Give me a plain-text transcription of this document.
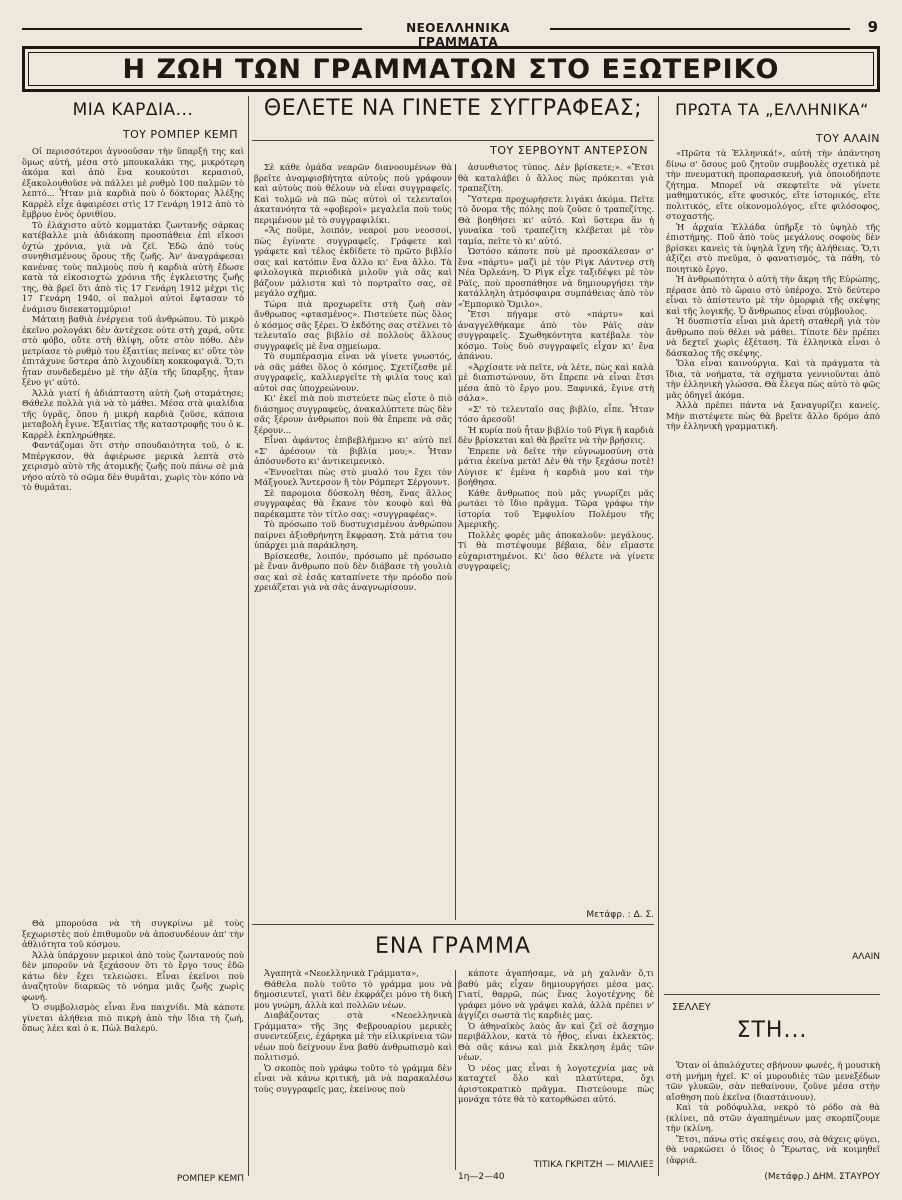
ΝΕΟΕΛΛΗΝΙΚΑ ΓΡΑΜΜΑΤΑ
9
Η ΖΩΗ ΤΩΝ ΓΡΑΜΜΑΤΩΝ ΣΤΟ ΕΞΩΤΕΡΙΚΟ
ΜΙΑ ΚΑΡΔΙΑ...
ΤΟΥ ΡΟΜΠΕΡ ΚΕΜΠ

Οἱ περισσότεροι ἀγνοοῦσαν τὴν ὕπαρξή της καὶ ὅμως αὐτή, μέσα στὸ μπουκαλάκι της, μικρότερη ἀκόμα καὶ ἀπὸ ἕνα κουκούτσι κερασιοῦ, ἐξακολουθοῦσε νὰ πάλλει μὲ ρυθμὸ 100 παλμῶν τὸ λεπτό... Ἦταν μιὰ καρδιὰ ποὺ ὁ δόκτορας Ἀλέξης Καρρὲλ εἶχε ἀφαιρέσει στὶς 17 Γενάρη 1912 ἀπὸ τὸ ἔμβρυο ἑνὸς ὀρνιθίου.

Τὸ ἐλάχιστο αὐτὸ κομματάκι ζωντανῆς σάρκας κατέβαλλε μιὰ ἀδιάκοπη προσπάθεια ἐπὶ εἴκοσι ὀχτὼ χρόνια, γιὰ νὰ ζεῖ. Ἐδῶ ἀπὸ τοὺς συνηθισμένους ὅρους τῆς ζωῆς. Ἀν' ἀναγράφεσαι κανένας τοὺς παλμοὺς ποὺ ἡ καρδιὰ αὐτὴ ἔδωσε κατὰ τὰ εἰκοσιοχτὼ χρόνια τῆς ἐγκλειστης ζωῆς της, θὰ βρεῖ ὅτι ἀπὸ τὶς 17 Γενάρη 1912 μέχρι τὶς 17 Γενάρη 1940, οἱ παλμοὶ αὐτοὶ ἔφτασαν τὸ ἐνάμισυ δισεκατομμύριο!

Μάταιη βαθιὰ ἐνέργεια τοῦ ἀνθρώπου. Τὸ μικρὸ ἐκεῖνο ρολογάκι δὲν ἀντέχεσε ούτε στὴ χαρά, οὔτε στὸ φόβο, οὔτε στὴ θλίψη, οὔτε στὸν πόθο. Δὲν μετρίασε τὸ ρυθμὸ του ἐξαιτίας πείνας κι' οὔτε τὸν ἐπιτάχυνε ὕστερα ἀπὸ λιχουδίκη κοκκοφαγιᾶ. Ὅ,τι ἦταν συνδεδεμένο μὲ τὴν ἀξία τῆς ὕπαρξης, ἦταν ξένο γι' αὐτό.

Ἀλλὰ γιατί ἡ ἀδιάπταστη αὐτὴ ζωὴ σταμάτησε; Θάθελε πολλὰ γιὰ νὰ τὸ μάθει. Μέσα στὰ φιαλίδια τῆς ὑγρᾶς, ὅπου ἡ μικρὴ καρδιὰ ζοῦσε, κάποια μεταβολὴ ἔγινε. Ἐξαιτίας τῆς καταστροφῆς του ὁ κ. Καρρὲλ ἐκπληρώθηκε.

Φαντάζομαι ὅτι στὴν σπουδαιότητα τοῦ, ὁ κ. Μπέργκσον, θὰ ἀφιέρωσε μερικὰ λεπτὰ στὸ χειρισμὸ αὐτὸ τῆς ἀτομικῆς ζωῆς ποὺ πάνω σὲ μιὰ νήσο αὐτὸ τὸ σῶμα δὲν θυμᾶται, χωρὶς τὸν κόπο νὰ τὸ θυμᾶται.

Θὰ μπορούσα νὰ τὴ συγκρίνω μὲ τοὺς ξεχωριστὲς ποὺ ἐπιθυμοῦν νὰ ἀποσυνδέουν ἀπ' τὴν ἀθλιότητα τοῦ κόσμου.

Ἀλλὰ ὑπάρχουν μερικοὶ ἀπὸ τοὺς ζωντανούς ποὺ δὲν μποροῦν νὰ ξεχάσουν ὅτι τὸ ἔργο τους ἐδῶ κάτω δὲν ἔχει τελειώσει. Εἶναι ἐκεῖνοι ποὺ ἀναζητοῦν διαρκῶς τὸ νόημα μιᾶς ζωῆς χωρὶς φωνή.

Ὁ συμβολισμὸς εἶναι ἕνα παιχνίδι. Μὰ κάποτε γίνεται ἀλήθεια πιὸ πικρὴ ἀπὸ τὴν ἴδια τὴ ζωή, ὅπως λέει καὶ ὁ κ. Πὼλ Βαλερύ.

ΡΟΜΠΕΡ ΚΕΜΠ
ΘΕΛΕΤΕ ΝΑ ΓΙΝΕΤΕ ΣΥΓΓΡΑΦΕΑΣ;
ΤΟΥ ΣΕΡΒΟΥΝΤ ΑΝΤΕΡΣΟΝ

Σὲ κάθε ὁμάδα νεαρῶν διανοουμένων θὰ βρεῖτε ἀναμφισβήτητα αὐτοὺς ποὺ γράφουν καὶ αὐτοὺς ποὺ θέλουν νὰ εἶναι συγγραφεῖς. Καὶ τολμῶ νὰ πῶ πὼς αὐτοὶ οἱ τελευταῖοι ἀκατανόητα τὰ «φοβεροὶ» μεγαλεῖα ποὺ τοὺς περιμένουν μὲ τὸ συγγραφιλίκι.

«Ἄς ποῦμε, λοιπόν, νεαροί μου νεοσσοί, πὼς ἐγίνατε συγγραφεῖς. Γράφετε καὶ γράφετε καὶ τέλος ἐκδίδετε τὸ πρῶτο βιβλίο σας καὶ κατόπιν ἕνα ἄλλο κι' ἕνα ἄλλο. Τὰ φιλολογικὰ περιοδικὰ μιλοῦν γιὰ σᾶς καὶ βάζουν μάλιστα καὶ τὸ πορτραῖτο σας, σὲ μεγάλο σχῆμα.

Τώρα πιὰ προχωρεῖτε στὴ ζωὴ σὰν ἄνθρωπος «φτασμένος». Πιστεύετε πὼς ὅλος ὁ κόσμος σᾶς ξέρει. Ὁ ἐκδότης σας στέλνει τὸ τελευταῖο σας βιβλίο σὲ πολλοὺς ἄλλους συγγραφεῖς μὲ ἕνα σημείωμα.

Τὸ συμπέρασμα εἶναι νὰ γίνετε γνωστός, νὰ σᾶς μάθει ὅλος ὁ κόσμος. Σχετίζεσθε μὲ συγγραφεῖς, καλλιεργεῖτε τὴ φιλία τους καὶ αὐτοὶ σας ὑποχρεώνουν.

Κι' ἐκεῖ πιὰ ποὺ πιστεύετε πὼς εἶστε ὁ πιὸ διάσημος συγγραφεὺς, ἀνακαλύπτετε πὼς δὲν σᾶς ξέρουν ἀνθρωποι ποὺ θὰ ἔπρεπε νὰ σᾶς ξέρουν...

Εἶναι ἀφάντος ἐπιβεβλήμενο κι' αὐτὸ πεῖ «Σ' ἀρέσουν τὰ βιβλία μου;». Ἦταν ἀπόσυνδοτο κι' ἀντικειμενικὸ.

«Ἐννοεῖται πὼς στὸ μυαλό του ἔχει τὸν Μάξγουελ Ἄντερσον ἢ τὸν Ρόμπερτ Σέργουντ.

Σὲ παρομοια δύσκολη θέση, ἕνας ἄλλος συγγραφέας θὰ ἔκανε τὸν κουφὸ καὶ θὰ παρέκαμπτε τὸν τίτλο σας: «συγγραφέας».

Τὸ πρόσωπο τοῦ δυστυχισμένου ἀνθρώπου παίρνει ἀξιοθρήνητη ἔκφραση. Στὰ μάτια του ὑπάρχει μιὰ παράκληση.

Βρίσκεσθε, λοιπόν, πρόσωπο μὲ πρόσωπο μὲ ἕναν ἄνθρωπο ποὺ δὲν διάβασε τὴ γουλιὰ σας καὶ σὲ ἐσᾶς καταπίνετε τὴν πρόοδο ποὺ χρειάζεται γιὰ νὰ σᾶς ἀναγνωρίσουν.

ἀσυνθιστος τύπος. Δὲν βρίσκετε;». «Ἔτσι θὰ καταλάβει ὁ ἄλλος πὼς πρόκειται γιὰ τραπεζίτη.

Ὕστερα προχωρήσετε λιγάκι ἀκόμα. Πεῖτε τὸ ὄνομα τῆς πόλης ποὺ ζοῦσε ὁ τραπεζίτης. Θὰ βοηθήσει κι' αὐτό. Καὶ ὕστερα ἂν ἡ γυναίκα τοῦ τραπεζίτη κλέβεται μὲ τὸν ταμία, πεῖτε τὸ κι' αὐτό.

Ὡστόσο κάποτε ποὺ μὲ προσκάλεσαν σ' ἕνα «πάρτυ» μαζὶ μὲ τὸν Ρὶγκ Λάντνερ στὴ Νέα Ὀρλεάνη. Ὁ Ρὶγκ εἶχε ταξιδέψει μὲ τὸν Ρὰϊς, ποὺ προσπάθησε νὰ δημιουργήσει τὴν κατάλληλη ἀτμόσφαιρα συμπάθειας ἀπὸ τὸν «Ἐμπορικὸ Ὅμιλο».

Ἔτσι πήγαμε στὸ «πάρτυ» καὶ ἀναγγελθήκαμε ἀπὸ τὸν Ρὰϊς σὰν συγγραφεῖς. Σχωθηκόντητα κατέβαλε τὸν κόσμο. Τοὺς δυὸ συγγραφεῖς εἶχαν κι' ἕνα ἀπάνου.

«Ἀρχίσατε νὰ πεῖτε, νὰ λέτε, πὼς καὶ καλὰ μὲ διαπιστώνουν, ὅτι ἔπρεπε νὰ εἶναι ἔτσι μέσα ἀπὸ τὸ ἔργο μου. Ξαφνικά, ἔγινε στὴ σάλα».

«Σ' τὸ τελευταῖο σας βιβλίο, εἶπε. Ἦταν τόσο ἀρεσοῦ!

Ἡ κυρία ποὺ ἦταν βιβλίο τοῦ Ρὶγκ ἢ καρδιὰ δὲν βρίσκεται καὶ θὰ βρεῖτε νὰ τὴν βρήσεις.

Ἐπρεπε νὰ δεῖτε τὴν εὐγνωμοσύνη στὰ μάτια ἐκείνα μετὰ! Δὲν θὰ τὴν ξεχάσω ποτὲ! Λύγισε κ' ἐμένα ἡ καρδιὰ μου καὶ τὴν βοήθησα.

Κάθε ἄνθρωπος ποὺ μᾶς γνωρίζει μᾶς ρωτάει τὸ ἴδιο πρᾶγμα. Τῶρα γράφω τὴν ἱστορία τοῦ Ἐμφυλίου Πολέμου τῆς Ἀμερικῆς.

Πολλὲς φορὲς μᾶς ἀποκαλοῦν: μεγάλους. Τί θὰ πιστέψουμε βέβαια, δὲν εἴμαστε εὐχαριστημένοι. Κι' ὅσο θέλετε νὰ γίνετε συγγραφεῖς;

Μετάφρ. : Δ. Σ.
ΠΡΩΤΑ ΤΑ „ΕΛΛΗΝΙΚΑ“
ΤΟΥ ΑΛΑΙΝ

«Πρῶτα τὰ Ἑλληνικά!», αὐτὴ τὴν ἀπάντηση δίνω σ' ὅσους μοῦ ζητοῦν συμβουλὲς σχετικὰ μὲ τὴν πνευματικὴ προπαρασκευή, γιὰ ὁποιοδήποτε ζήτημα. Μπορεῖ νὰ σκεφτεῖτε νὰ γίνετε μαθηματικός, εἴτε φυσικός, εἴτε ἱστορικός, εἴτε πολιτικός, εἴτε οἰκονομολόγος, εἴτε φιλόσοφος, στοχαστής.

Ἡ ἀρχαία Ἑλλάδα ὑπῆρξε τὸ ὑψηλὸ τῆς ἐπιστήμης. Ποῦ ἀπὸ τοὺς μεγάλους σοφοὺς δὲν βρίσκει κανεὶς τὰ ὑψηλὰ ἴχνη τῆς ἀλήθειας. Ὅ,τι ἀξίζει στὸ πνεῦμα, ὁ φανατισμός, τὰ πάθη, τὸ ποιητικὸ ἔργο.

Ἡ ἀνθρωπότητα ὁ αὐτὴ τὴν ἄκρη τῆς Εὐρώπης, πέρασε ἀπὸ τὸ ὥραιο στὸ ὑπέροχο. Στὸ δεύτερο εἶναι τὸ ἀπίστευτο μὲ τὴν ὁμορφιὰ τῆς σκέψης καὶ τῆς λογικῆς. Ὁ ἄνθρωπος εἶναι σύμβουλος.

Ἡ δυσπιστία εἶναι μιὰ ἀρετὴ σταθερῆ γιὰ τὸν ἄνθρωπο ποὺ θέλει νὰ μάθει. Τίποτε δὲν πρέπει νὰ δεχτεῖ χωρὶς ἐξέταση. Τὰ ἑλληνικὰ εἶναι ὁ δάσκαλος τῆς σκέψης.

Ὅλα εἶναι καινούργια. Καὶ τὰ πράγματα τὰ ἴδια, τὰ νοήματα, τὰ σχήματα γεννιοῦνται ἀπὸ τὴν ἑλληνικὴ γλώσσα. Θὰ ἔλεγα πὼς αὐτὸ τὸ φῶς μᾶς ὁδηγεῖ ἀκόμα.

Ἀλλὰ πρέπει πάντα νὰ ξαναγυρίζει κανείς. Μὴν πιστέψετε πὼς θὰ βρεῖτε ἄλλο δρόμο ἀπὸ τὴν ἑλληνικὴ γραμματική.

ΑΛΑΙΝ
ΕΝΑ ΓΡΑΜΜΑ

Ἀγαπητὰ «Νεοελληνικὰ Γράμματα»,

Θάθελα πολὺ τοῦτο τὸ γράμμα μου νὰ δημοσιευτεῖ, γιατὶ δὲν ἐκφράζει μόνο τὴ δική μου γνώμη, ἀλλὰ καὶ πολλῶν νέων.

Διαβάζοντας στὰ «Νεοελληνικὰ Γράμματα» τῆς 3ης Φεβρουαρίου μερικὲς συνεντεύξεις, ἐχάρηκα μὲ τὴν εἰλικρίνεια τῶν νέων ποὺ δείχνουν ἕνα βαθὺ ἀνθρωπισμὸ καὶ πολιτισμό.

Ὁ σκοπὸς ποὺ γράφω τοῦτο τὸ γράμμα δὲν εἶναι νὰ κάνω κριτική, μὰ νὰ παρακαλέσω τοὺς συγγραφεῖς μας, ἐκείνους ποὺ

κάποτε ἀγαπήσαμε, νὰ μὴ χαλνᾶν ὅ,τι βαθύ μᾶς εἶχαν δημιουργήσει μέσα μας. Γιατί, θαρρῶ, πὼς ἕνας λογοτέχνης δὲ γράφει μόνο νὰ γράψει καλά, ἀλλὰ πρέπει ν' ἀγγίζει σωστὰ τὶς καρδιὲς μας.

Ὁ ἀθηναϊκὸς λαὸς ἄν καὶ ζεῖ σὲ ἄσχημο περιβάλλον, κατὰ τὸ ἦθος, εἶναι ἐκλεκτὸς. Θὰ σᾶς κάνω καὶ μιὰ ἔκκληση ἐμᾶς τῶν νέων.

Ὁ νέος μας εἶναι ἡ λογοτεχνία μας νὰ καταχτεῖ ὅλο καὶ πλατύτερα, ὄχι ἀριστοκρατικὸ πρᾶγμα. Πιστεύουμε πὼς μονάχα τότε θὰ τὸ κατορθώσει αὐτό.

ΤΙΤΙΚΑ ΓΚΡΙΤΖΗ — ΜΙΛΛΙΕΞ
1η—2—40
ΣΕΛΛΕΥ
ΣΤΗ...

Ὅταν οἱ ἀπαλόχυτες σβήνουν φωνές, ἡ μουσικὴ στὴ μνήμη ἠχεῖ. Κ' οἱ μυρουδιὲς τῶν μενεξέδων τῶν γλυκῶν, σὰν πεθαίνουν, ζοῦνε μέσα στὴν αἴσθηση ποὺ ἐκεῖνα (διαστάινουν).

Καὶ τὰ ροδόφυλλα, νεκρὸ τὸ ρόδο σὰ θὰ (κλίνει, πᾶ στῶν ἀγαπημένων μας σκορπίζουμε τὴν (κλίνη.

Ἔτσι, πάνω στὶς σκέψεις σου, σὰ θάχεις φύγει, θὰ ναρκώσει ὁ ἴδιος ὁ Ἔρωτας, νὰ κοιμηθεῖ (ἀφριά.

(Μετάφρ.) ΔΗΜ. ΣΤΑΥΡΟΥ
